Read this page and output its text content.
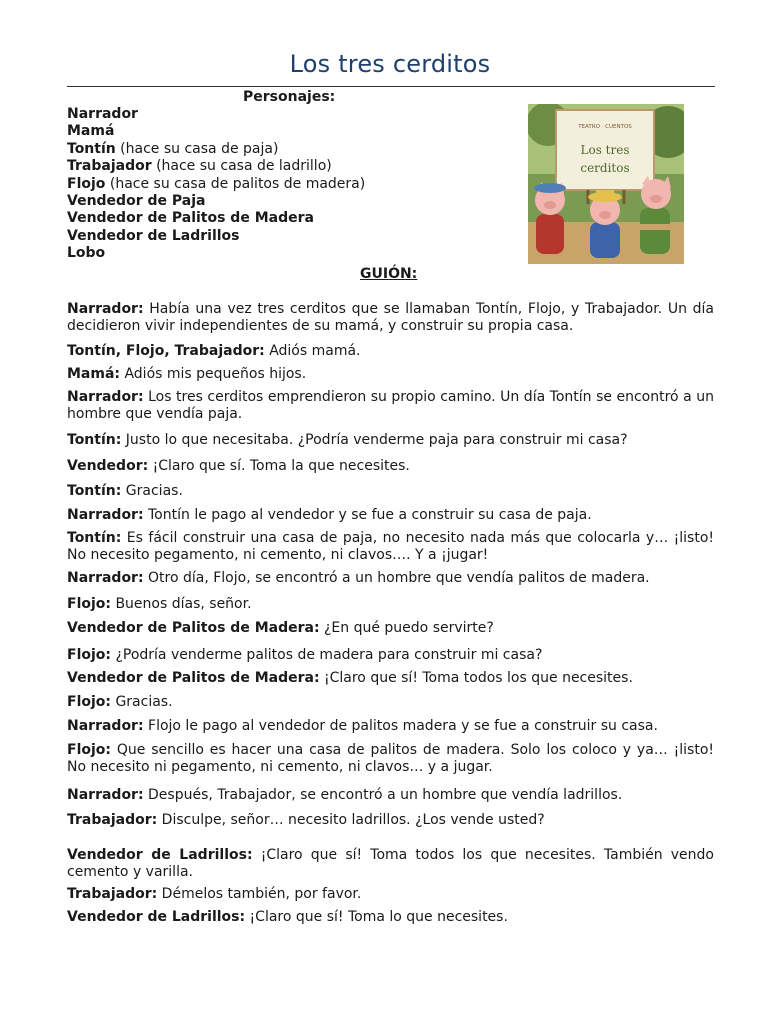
Los tres cerditos
Personajes:
Narrador
Mamá
Tontín (hace su casa de paja)
Trabajador (hace su casa de ladrillo)
Flojo (hace su casa de palitos de madera)
Vendedor de Paja
Vendedor de Palitos de Madera
Vendedor de Ladrillos
Lobo
TEATRO · CUENTOS
Los tres
cerditos
GUIÓN:
Narrador: Había una vez tres cerditos que se llamaban Tontín, Flojo, y Trabajador. Un día decidieron vivir independientes de su mamá, y construir su propia casa.
Tontín, Flojo, Trabajador: Adiós mamá.
Mamá: Adiós mis pequeños hijos.
Narrador: Los tres cerditos emprendieron su propio camino. Un día Tontín se encontró a un hombre que vendía paja.
Tontín: Justo lo que necesitaba. ¿Podría venderme paja para construir mi casa?
Vendedor: ¡Claro que sí. Toma la que necesites.
Tontín: Gracias.
Narrador: Tontín le pago al vendedor y se fue a construir su casa de paja.
Tontín: Es fácil construir una casa de paja, no necesito nada más que colocarla y… ¡listo! No necesito pegamento, ni cemento, ni clavos…. Y a ¡jugar!
Narrador: Otro día, Flojo, se encontró a un hombre que vendía palitos de madera.
Flojo: Buenos días, señor.
Vendedor de Palitos de Madera: ¿En qué puedo servirte?
Flojo: ¿Podría venderme palitos de madera para construir mi casa?
Vendedor de Palitos de Madera: ¡Claro que sí! Toma todos los que necesites.
Flojo: Gracias.
Narrador: Flojo le pago al vendedor de palitos madera y se fue a construir su casa.
Flojo: Que sencillo es hacer una casa de palitos de madera. Solo los coloco y ya… ¡listo! No necesito ni pegamento, ni cemento, ni clavos… y a jugar.
Narrador: Después, Trabajador, se encontró a un hombre que vendía ladrillos.
Trabajador: Disculpe, señor… necesito ladrillos. ¿Los vende usted?
Vendedor de Ladrillos: ¡Claro que sí! Toma todos los que necesites. También vendo cemento y varilla.
Trabajador: Démelos también, por favor.
Vendedor de Ladrillos: ¡Claro que sí! Toma lo que necesites.
